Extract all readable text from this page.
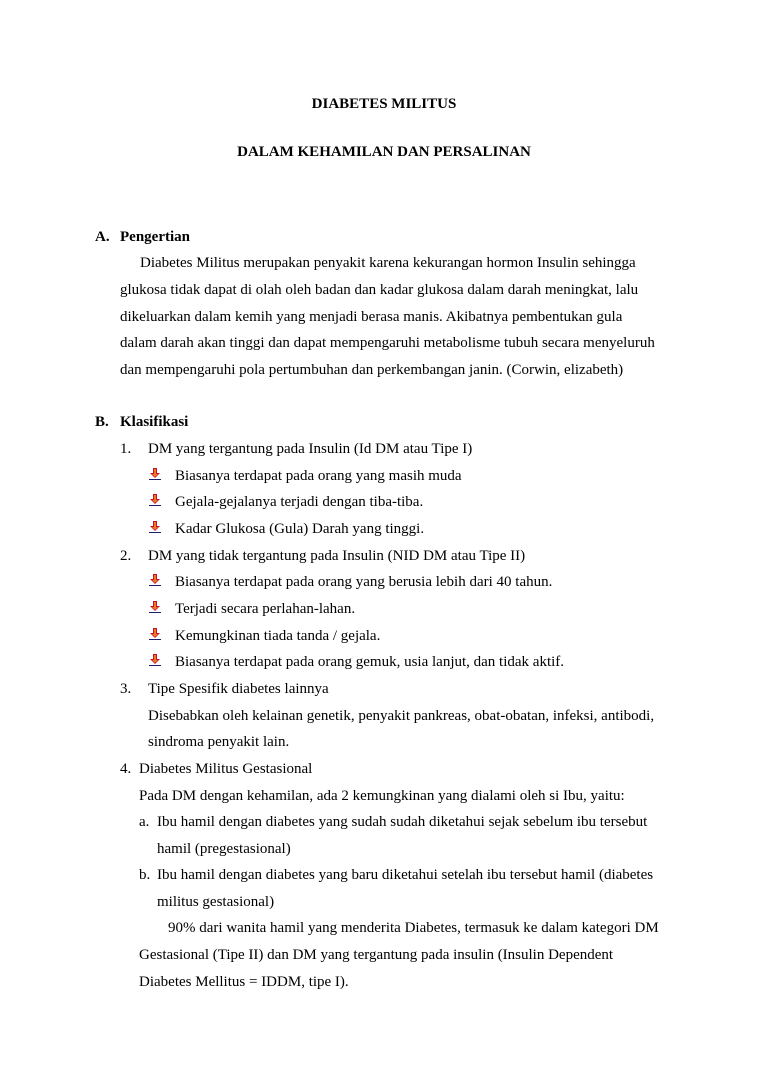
DIABETES MILITUS
DALAM KEHAMILAN DAN PERSALINAN
A. Pengertian
Diabetes Militus merupakan penyakit karena kekurangan hormon Insulin sehingga
glukosa tidak dapat di olah oleh badan dan kadar glukosa dalam darah meningkat, lalu
dikeluarkan dalam kemih yang menjadi berasa manis. Akibatnya pembentukan gula
dalam darah akan tinggi dan dapat mempengaruhi metabolisme tubuh secara menyeluruh
dan mempengaruhi pola pertumbuhan dan perkembangan janin. (Corwin, elizabeth)
B. Klasifikasi
1. DM yang tergantung pada Insulin (Id DM atau Tipe I)
Biasanya terdapat pada orang yang masih muda
Gejala-gejalanya terjadi dengan tiba-tiba.
Kadar Glukosa (Gula) Darah yang tinggi.
2. DM yang tidak tergantung pada Insulin (NID DM atau Tipe II)
Biasanya terdapat pada orang yang berusia lebih dari 40 tahun.
Terjadi secara perlahan-lahan.
Kemungkinan tiada tanda / gejala.
Biasanya terdapat pada orang gemuk, usia lanjut, dan tidak aktif.
3. Tipe Spesifik diabetes lainnya
Disebabkan oleh kelainan genetik, penyakit pankreas, obat-obatan, infeksi, antibodi,
sindroma penyakit lain.
4. Diabetes Militus Gestasional
Pada DM dengan kehamilan, ada 2 kemungkinan yang dialami oleh si Ibu, yaitu:
a. Ibu hamil dengan diabetes yang sudah sudah diketahui sejak sebelum ibu tersebut
hamil (pregestasional)
b. Ibu hamil dengan diabetes yang baru diketahui setelah ibu tersebut hamil (diabetes
militus gestasional)
90% dari wanita hamil yang menderita Diabetes, termasuk ke dalam kategori DM
Gestasional (Tipe II) dan DM yang tergantung pada insulin (Insulin Dependent
Diabetes Mellitus = IDDM, tipe I).
